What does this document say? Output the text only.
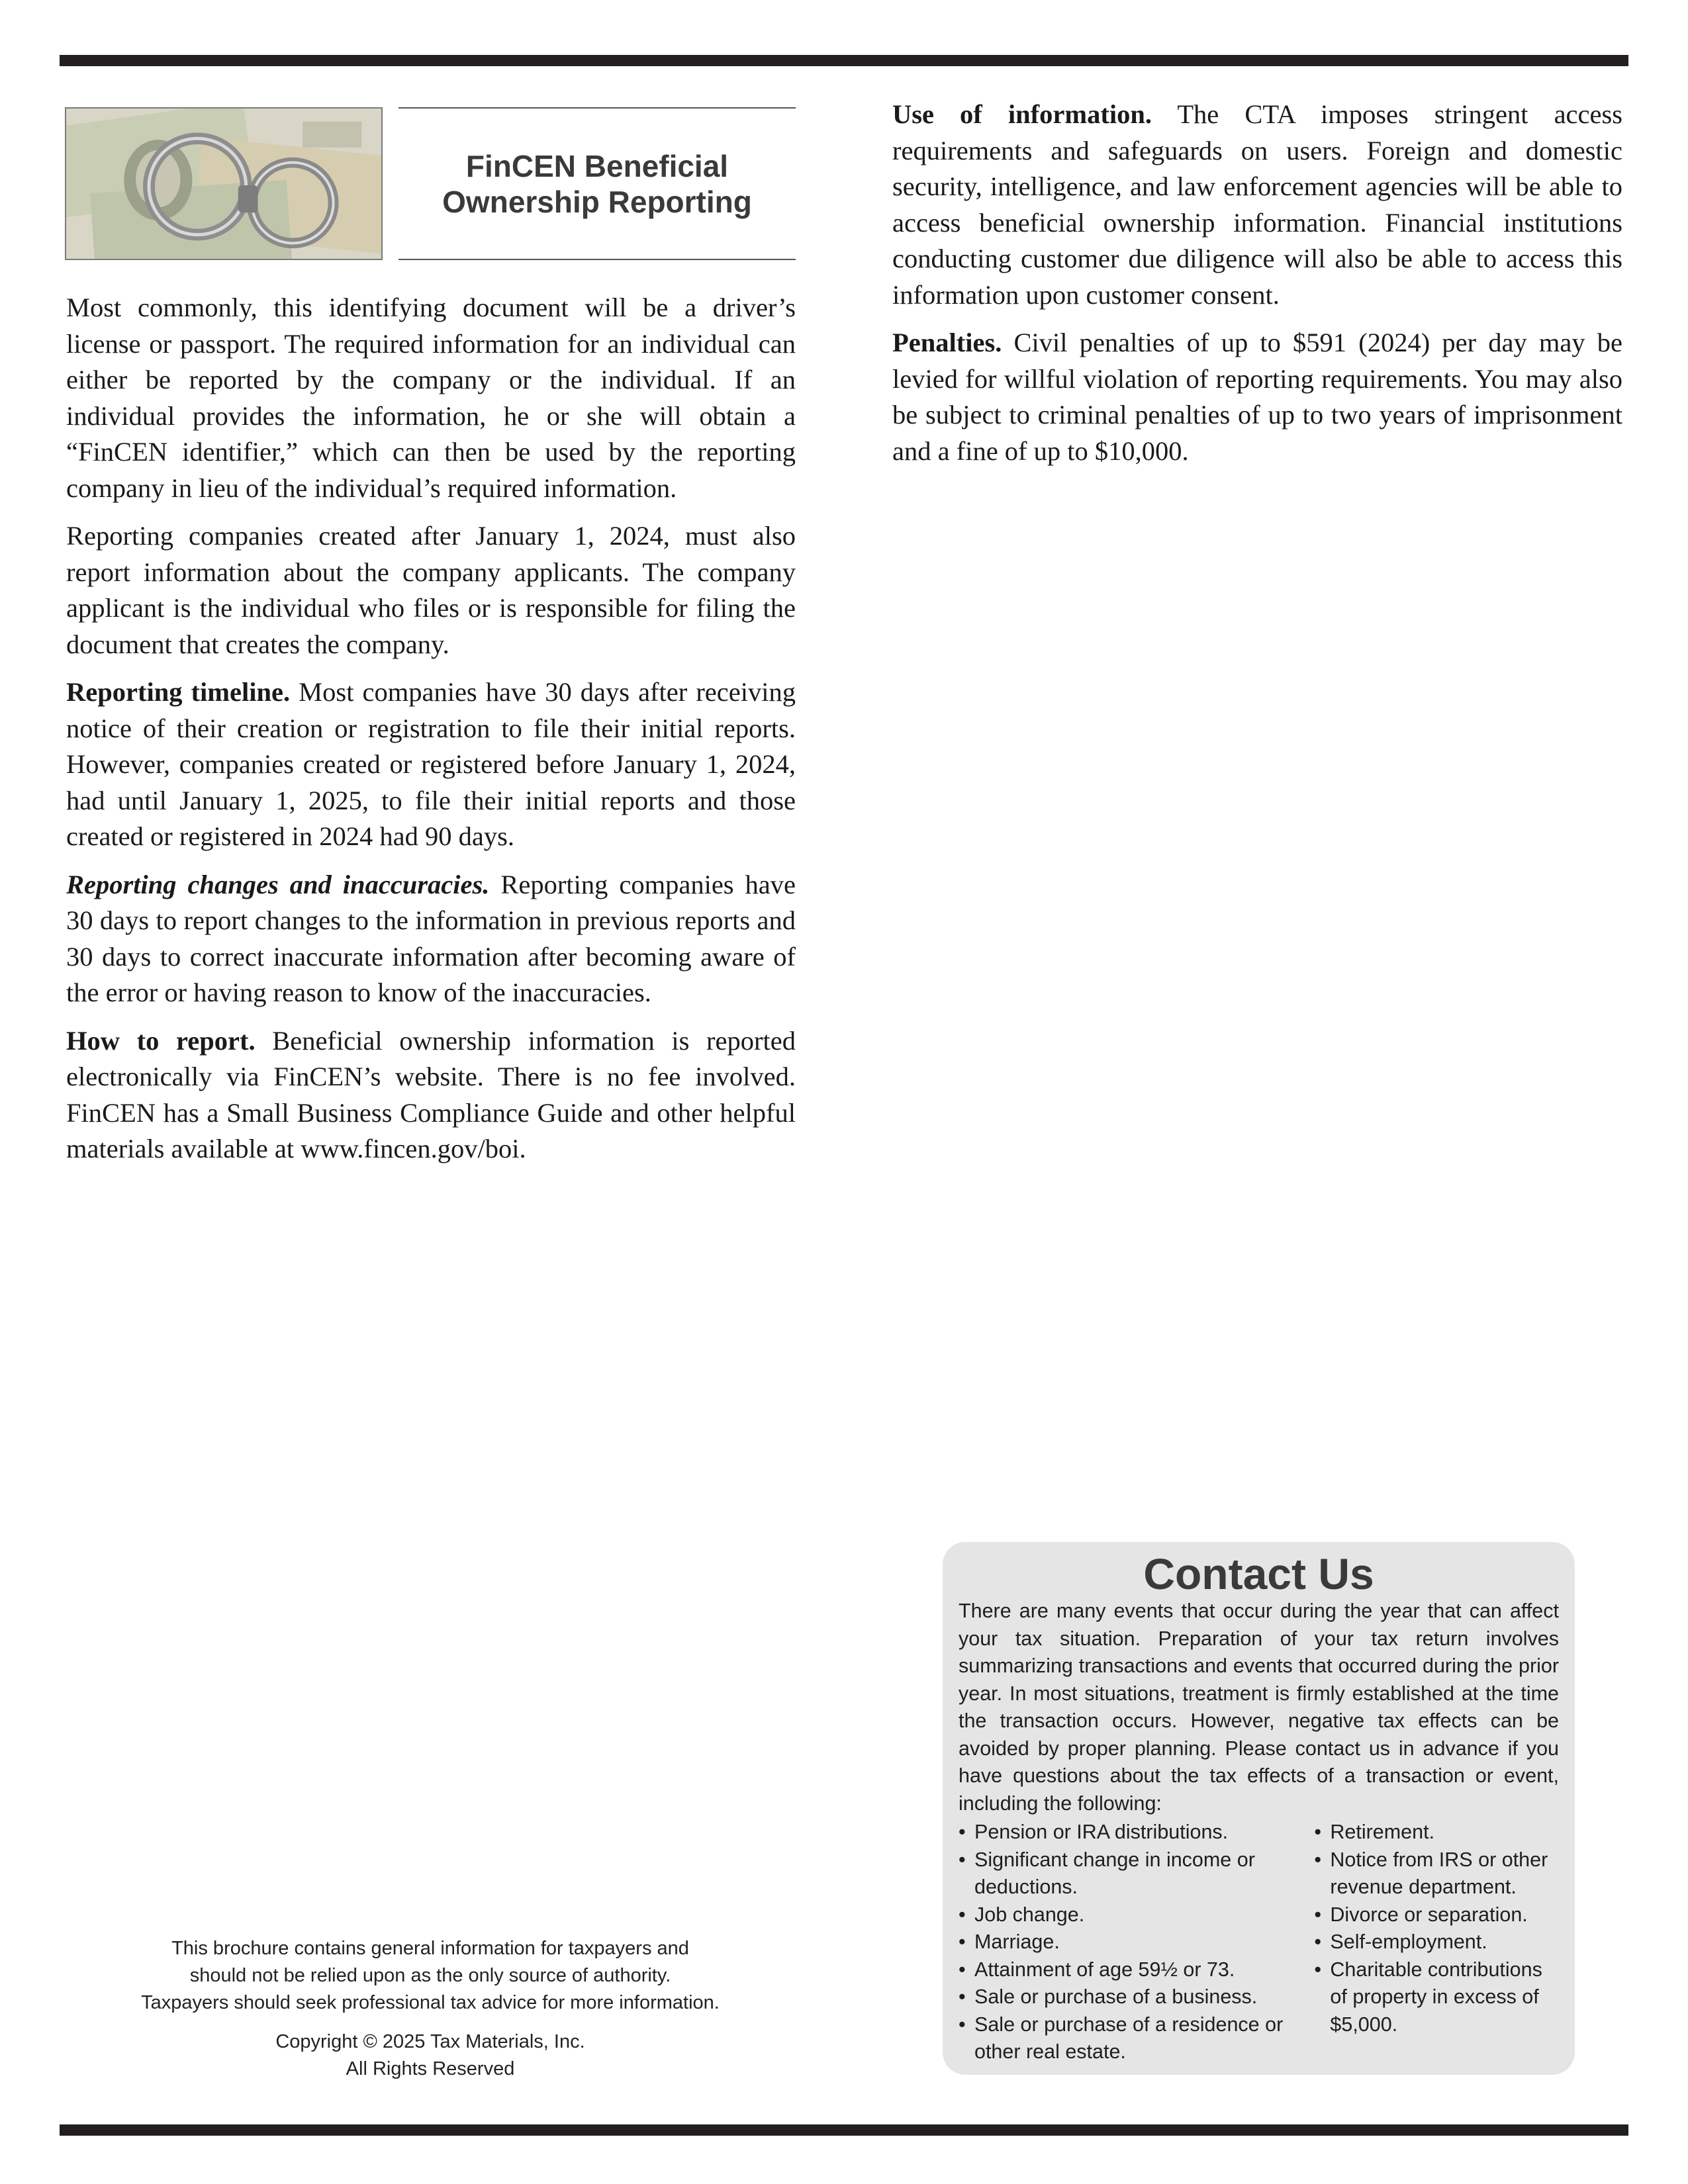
FinCEN Beneficial Ownership Reporting

Most commonly, this identifying document will be a driver’s license or passport. The required information for an individual can either be reported by the company or the individual. If an individual provides the information, he or she will obtain a “FinCEN identifier,” which can then be used by the reporting company in lieu of the individual’s required information.

Reporting companies created after January 1, 2024, must also report information about the company applicants. The company applicant is the individual who files or is responsible for filing the document that creates the company.

Reporting timeline. Most companies have 30 days after receiving notice of their creation or registration to file their initial reports. However, companies created or registered before January 1, 2024, had until January 1, 2025, to file their initial reports and those created or registered in 2024 had 90 days.

Reporting changes and inaccuracies. Reporting companies have 30 days to report changes to the information in previous reports and 30 days to correct inaccurate information after becoming aware of the error or having reason to know of the inaccuracies.

How to report. Beneficial ownership information is reported electronically via FinCEN’s website. There is no fee involved. FinCEN has a Small Business Compliance Guide and other helpful materials available at www.fincen.gov/boi.

Use of information. The CTA imposes stringent access requirements and safeguards on users. Foreign and domestic security, intelligence, and law enforcement agencies will be able to access beneficial ownership information. Financial institutions conducting customer due diligence will also be able to access this information upon customer consent.

Penalties. Civil penalties of up to $591 (2024) per day may be levied for willful violation of reporting requirements. You may also be subject to criminal penalties of up to two years of imprisonment and a fine of up to $10,000.

This brochure contains general information for taxpayers and
should not be relied upon as the only source of authority.
Taxpayers should seek professional tax advice for more information.
Copyright © 2025 Tax Materials, Inc.
All Rights Reserved
Contact Us

There are many events that occur during the year that can affect your tax situation. Preparation of your tax return involves summarizing transactions and events that occurred during the prior year. In most situations, treatment is firmly established at the time the transaction occurs. However, negative tax effects can be avoided by proper planning. Please contact us in advance if you have questions about the tax effects of a transaction or event, including the following:

• Pension or IRA distributions.
• Significant change in income or deductions.
• Job change.
• Marriage.
• Attainment of age 59½ or 73.
• Sale or purchase of a business.
• Sale or purchase of a residence or other real estate.
• Retirement.
• Notice from IRS or other revenue department.
• Divorce or separation.
• Self-employment.
• Charitable contributions of property in excess of $5,000.
